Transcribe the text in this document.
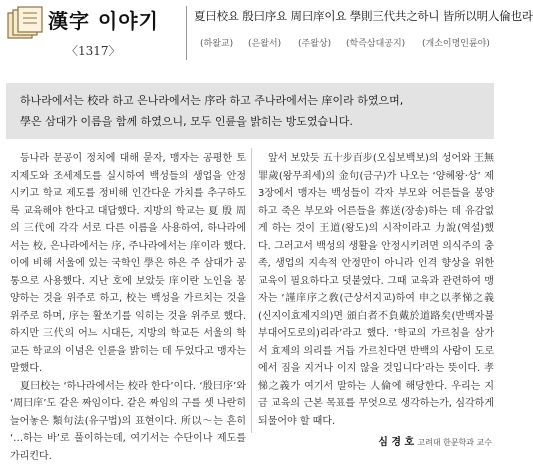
漢字 이야기
〈1317〉
夏曰校요 殷曰序요 周曰庠이요 學則三代共之하니 皆所以明人倫也라
(하왈교) (은왈서) (주왈상) (학즉삼대공지) (개소이명인륜야)
하나라에서는 校라 하고 은나라에서는 序라 하고 주나라에서는 庠이라 하였으며,
學은 삼대가 이름을 함께 하였으니, 모두 인륜을 밝히는 방도였습니다.

등나라 문공이 정치에 대해 묻자, 맹자는 공평한 토지제도와 조세제도를 실시하여 백성들의 생업을 안정시키고 학교 제도를 정비해 인간다운 가치를 추구하도록 교육해야 한다고 대답했다. 지방의 학교는 夏 殷 周의 三代에 각각 서로 다른 이름을 사용하여, 하나라에서는 校, 은나라에서는 序, 주나라에서는 庠이라 했다. 이에 비해 서울에 있는 국학인 學은 하은 주 삼대가 공통으로 사용했다. 지난 호에 보았듯 庠이란 노인을 봉양하는 것을 위주로 하고, 校는 백성을 가르치는 것을 위주로 하며, 序는 활쏘기를 익히는 것을 위주로 했다. 하지만 三代의 어느 시대든, 지방의 학교든 서울의 학교든 학교의 이념은 인륜을 밝히는 데 두었다고 맹자는 말했다.

夏曰校는 ‘하나라에서는 校라 한다’이다. ‘殷曰序’와 ‘周曰庠’도 같은 짜임이다. 같은 짜임의 구를 셋 나란히 늘어놓은 類句法(유구법)의 표현이다. 所以～는 흔히 ‘…하는 바’로 풀이하는데, 여기서는 수단이나 제도를 가리킨다.

앞서 보았듯 五十步百步(오십보백보)의 성어와 王無罪歲(왕무죄세)의 金句(금구)가 나오는 ‘양혜왕·상’ 제3장에서 맹자는 백성들이 각자 부모와 어른들을 봉양하고 죽은 부모와 어른들을 葬送(장송)하는 데 유감없게 하는 것이 王道(왕도)의 시작이라고 力說(역설)했다. 그러고서 백성의 생활을 안정시키려면 의식주의 충족, 생업의 지속적 안정만이 아니라 인격 향상을 위한 교육이 필요하다고 덧붙였다. 그때 교육과 관련하여 맹자는 ‘謹庠序之敎(근상서지교)하여 申之以孝悌之義(신지이효제지의)면 頒白者不負戴於道路矣(반백자불부대어도로의)리라’라고 했다. ‘학교의 가르침을 삼가서 효제의 의리를 거듭 가르친다면 반백의 사람이 도로에서 짐을 지거나 이지 않을 것입니다’라는 뜻이다. 孝悌之義가 여기서 말하는 人倫에 해당한다. 우리는 지금 교육의 근본 목표를 무엇으로 생각하는가, 심각하게 되물어야 할 때다.

심 경 호 고려대 한문학과 교수
